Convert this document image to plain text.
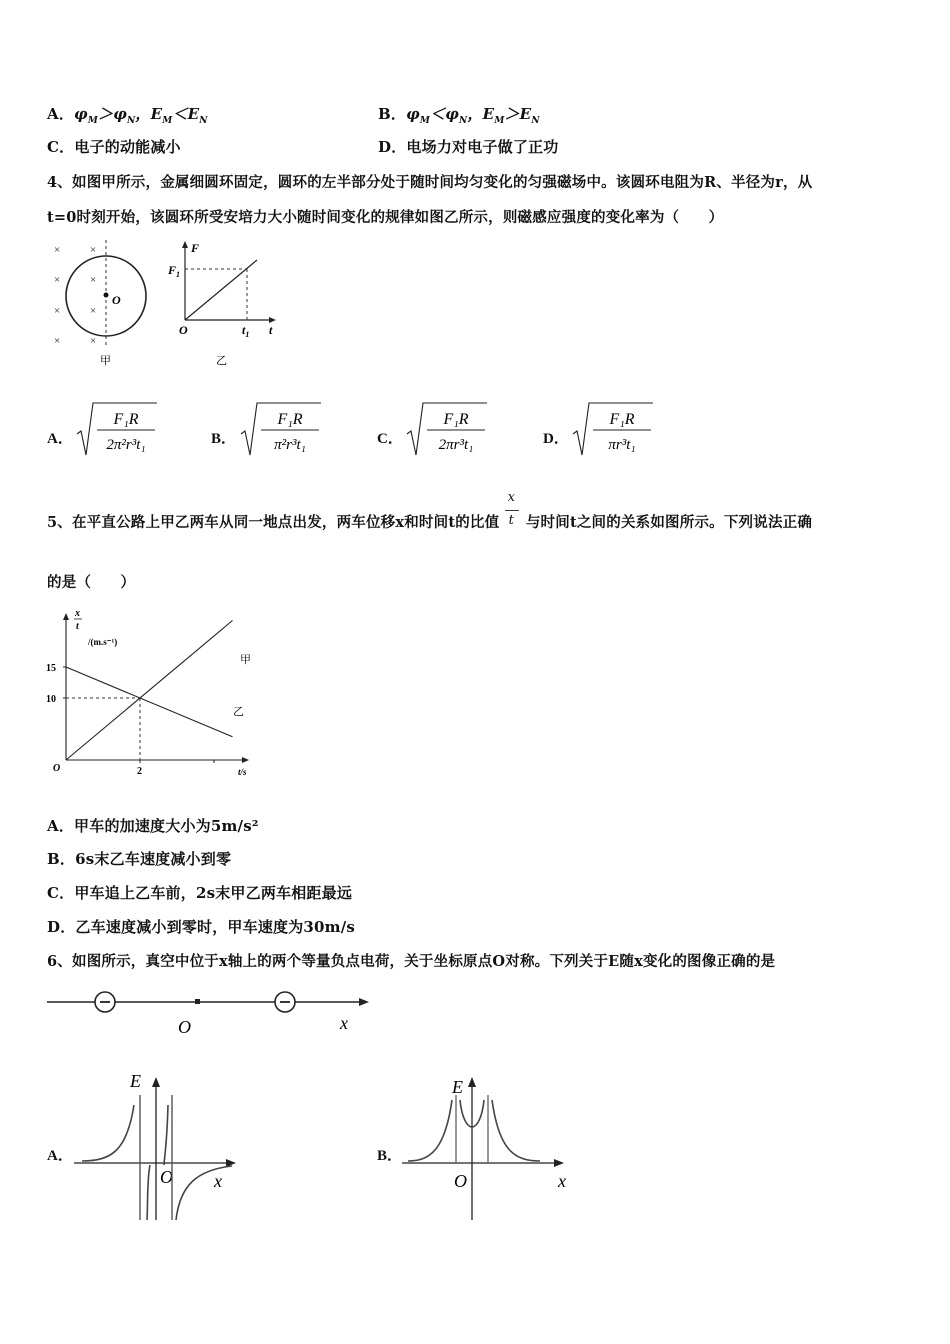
A．$\varphi_M>\varphi_N$，$E_M<E_N$	B．$\varphi_M<\varphi_N$，$E_M>E_N$
C．电子的动能减小	D．电场力对电子做了正功
4、如图甲所示，金属细圆环固定，圆环的左半部分处于随时间均匀变化的匀强磁场中。该圆环电阻为R、半径为r，从
t=0时刻开始，该圆环所受安培力大小随时间变化的规律如图乙所示，则磁感应强度的变化率为（　　）
O
×	×
×	×
×	×
×	×
甲
F
$F_1$
O	$t_1$ t
乙
A．
F₁R
2π²r³t₁	B．
F₁R
π²r³t₁	C．
F₁R
2πr³t₁	D．
F₁R
πr³t₁
5、在平直公路上甲乙两车从同一地点出发，两车位移x和时间t的比值 $\frac{x}{t}$ 与时间t之间的关系如图所示。下列说法正确
的是（　　）
x
t
/(m.s⁻¹)
t/s
O
10
15
2
甲
乙
A．甲车的加速度大小为5m/s²
B．6s末乙车速度减小到零
C．甲车追上乙车前，2s末甲乙两车相距最远
D．乙车速度减小到零时，甲车速度为30m/s
6、如图所示，真空中位于x轴上的两个等量负点电荷，关于坐标原点O对称。下列关于E随x变化的图像正确的是
O	x
A．
E
x
O
B．
E
x
O
